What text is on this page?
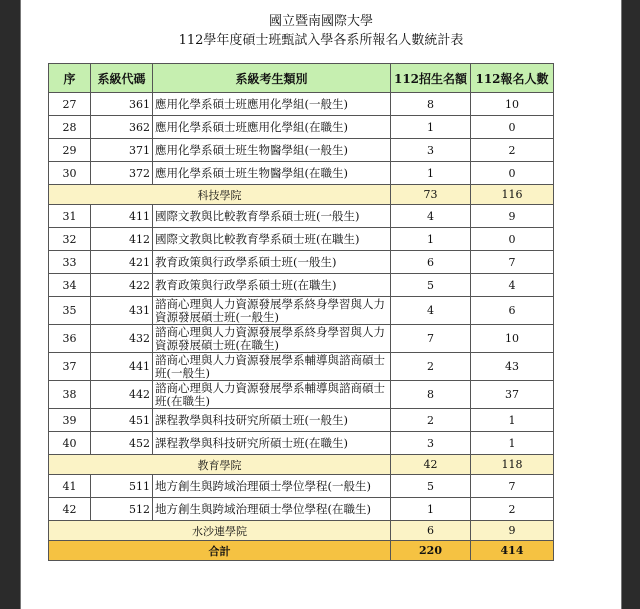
國立暨南國際大學
112學年度碩士班甄試入學各系所報名人數統計表
序	系級代碼	系級考生類別	112招生名額	112報名人數
27	361	應用化學系碩士班應用化學組(一般生)	8	10
28	362	應用化學系碩士班應用化學組(在職生)	1	0
29	371	應用化學系碩士班生物醫學組(一般生)	3	2
30	372	應用化學系碩士班生物醫學組(在職生)	1	0
科技學院			73	116
31	411	國際文教與比較教育學系碩士班(一般生)	4	9
32	412	國際文教與比較教育學系碩士班(在職生)	1	0
33	421	教育政策與行政學系碩士班(一般生)	6	7
34	422	教育政策與行政學系碩士班(在職生)	5	4
35	431	諮商心理與人力資源發展學系終身學習與人力資源發展碩士班(一般生)	4	6
36	432	諮商心理與人力資源發展學系終身學習與人力資源發展碩士班(在職生)	7	10
37	441	諮商心理與人力資源發展學系輔導與諮商碩士班(一般生)	2	43
38	442	諮商心理與人力資源發展學系輔導與諮商碩士班(在職生)	8	37
39	451	課程教學與科技研究所碩士班(一般生)	2	1
40	452	課程教學與科技研究所碩士班(在職生)	3	1
教育學院			42	118
41	511	地方創生與跨域治理碩士學位學程(一般生)	5	7
42	512	地方創生與跨域治理碩士學位學程(在職生)	1	2
水沙連學院			6	9
合計			220	414
